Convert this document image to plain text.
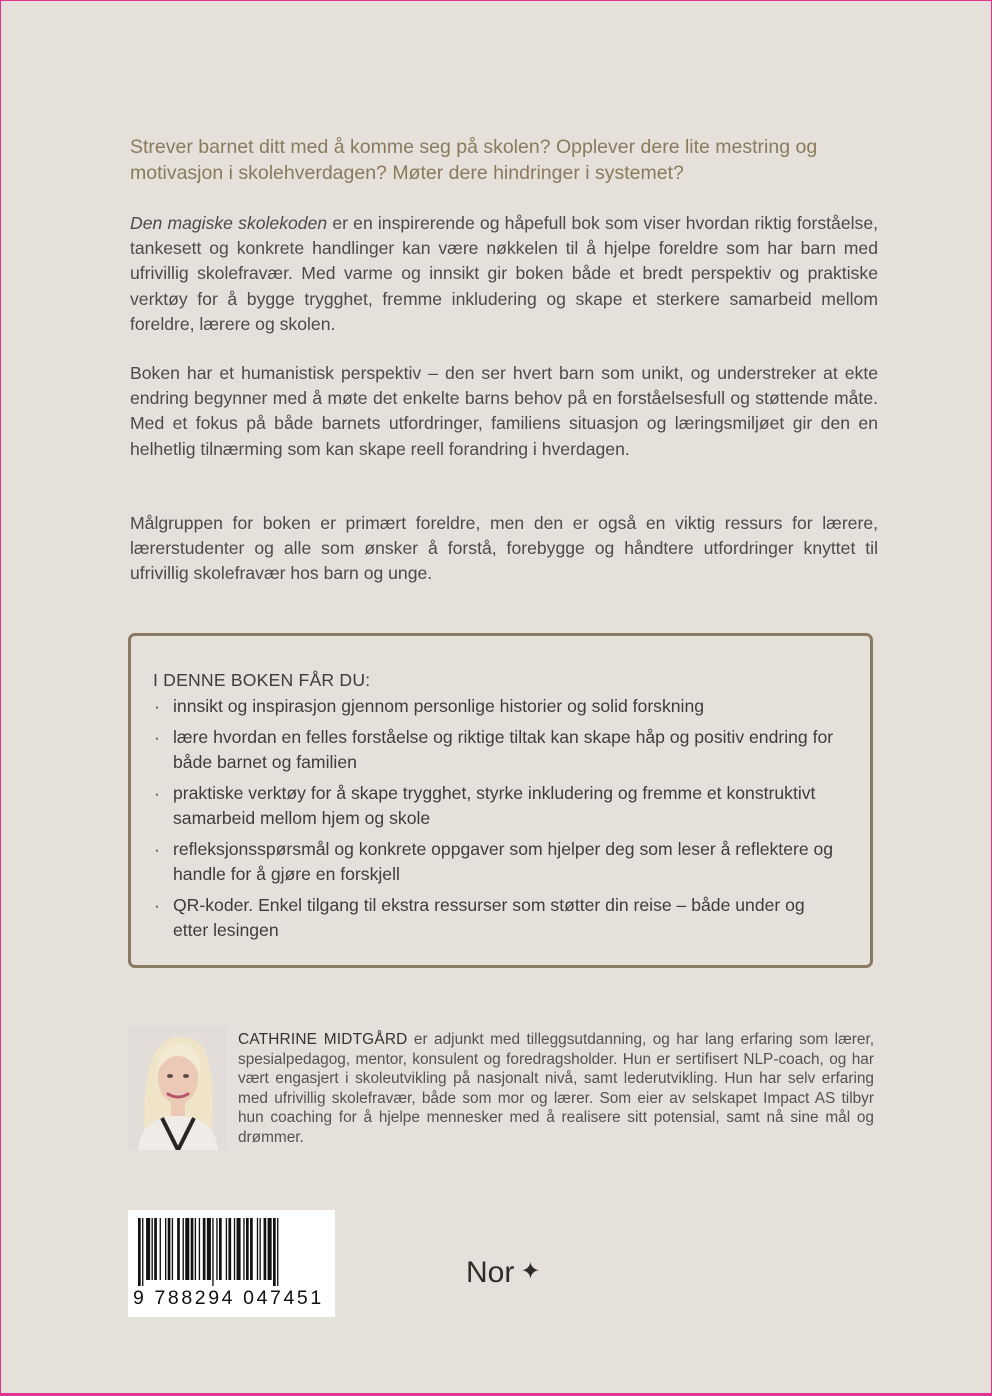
Strever barnet ditt med å komme seg på skolen? Opplever dere lite mestring og motivasjon i skolehverdagen? Møter dere hindringer i systemet?

Den magiske skolekoden er en inspirerende og håpefull bok som viser hvordan riktig forståelse, tankesett og konkrete handlinger kan være nøkkelen til å hjelpe foreldre som har barn med ufrivillig skolefravær. Med varme og innsikt gir boken både et bredt perspektiv og praktiske verktøy for å bygge trygghet, fremme inkludering og skape et sterkere samarbeid mellom foreldre, lærere og skolen.

Boken har et humanistisk perspektiv – den ser hvert barn som unikt, og understreker at ekte endring begynner med å møte det enkelte barns behov på en forståelsesfull og støttende måte. Med et fokus på både barnets utfordringer, familiens situasjon og læringsmiljøet gir den en helhetlig tilnærming som kan skape reell forandring i hverdagen.

Målgruppen for boken er primært foreldre, men den er også en viktig ressurs for lærere, lærerstudenter og alle som ønsker å forstå, forebygge og håndtere utfordringer knyttet til ufrivillig skolefravær hos barn og unge.

I DENNE BOKEN FÅR DU:

· innsikt og inspirasjon gjennom personlige historier og solid forskning
· lære hvordan en felles forståelse og riktige tiltak kan skape håp og positiv endring for både barnet og familien
· praktiske verktøy for å skape trygghet, styrke inkludering og fremme et konstruktivt samarbeid mellom hjem og skole
· refleksjonsspørsmål og konkrete oppgaver som hjelper deg som leser å reflektere og handle for å gjøre en forskjell
· QR-koder. Enkel tilgang til ekstra ressurser som støtter din reise – både under og etter lesingen

CATHRINE MIDTGÅRD er adjunkt med tilleggsutdanning, og har lang erfaring som lærer, spesialpedagog, mentor, konsulent og foredragsholder. Hun er sertifisert NLP-coach, og har vært engasjert i skoleutvikling på nasjonalt nivå, samt lederutvikling. Hun har selv erfaring med ufrivillig skolefravær, både som mor og lærer. Som eier av selskapet Impact AS tilbyr hun coaching for å hjelpe mennesker med å realisere sitt potensial, samt nå sine mål og drømmer.

9 788294 047451
Nor ✦
